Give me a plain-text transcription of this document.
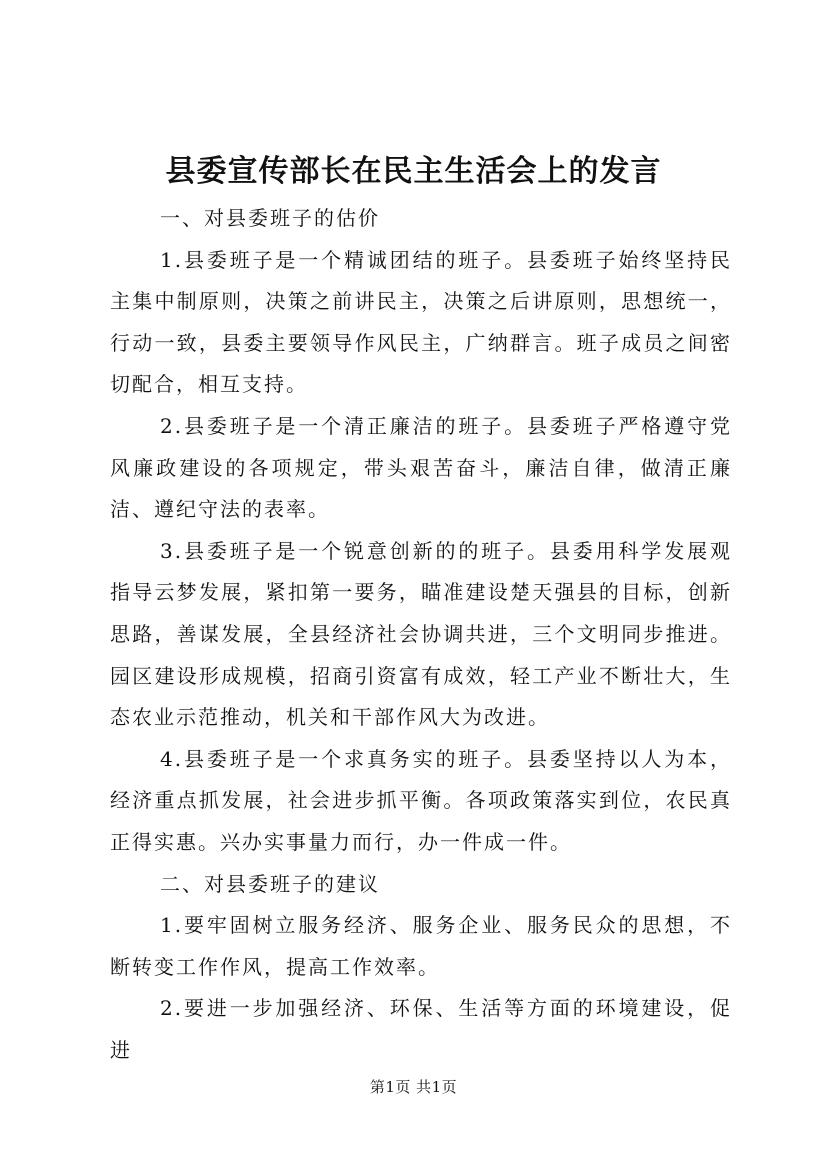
县委宣传部长在民主生活会上的发言

一、对县委班子的估价

1.县委班子是一个精诚团结的班子。县委班子始终坚持民主集中制原则，决策之前讲民主，决策之后讲原则，思想统一，行动一致，县委主要领导作风民主，广纳群言。班子成员之间密切配合，相互支持。

2.县委班子是一个清正廉洁的班子。县委班子严格遵守党风廉政建设的各项规定，带头艰苦奋斗，廉洁自律，做清正廉洁、遵纪守法的表率。

3.县委班子是一个锐意创新的的班子。县委用科学发展观指导云梦发展，紧扣第一要务，瞄准建设楚天强县的目标，创新思路，善谋发展，全县经济社会协调共进，三个文明同步推进。园区建设形成规模，招商引资富有成效，轻工产业不断壮大，生态农业示范推动，机关和干部作风大为改进。

4.县委班子是一个求真务实的班子。县委坚持以人为本，经济重点抓发展，社会进步抓平衡。各项政策落实到位，农民真正得实惠。兴办实事量力而行，办一件成一件。

二、对县委班子的建议

1.要牢固树立服务经济、服务企业、服务民众的思想，不断转变工作作风，提高工作效率。

2.要进一步加强经济、环保、生活等方面的环境建设，促进

第1页 共1页
